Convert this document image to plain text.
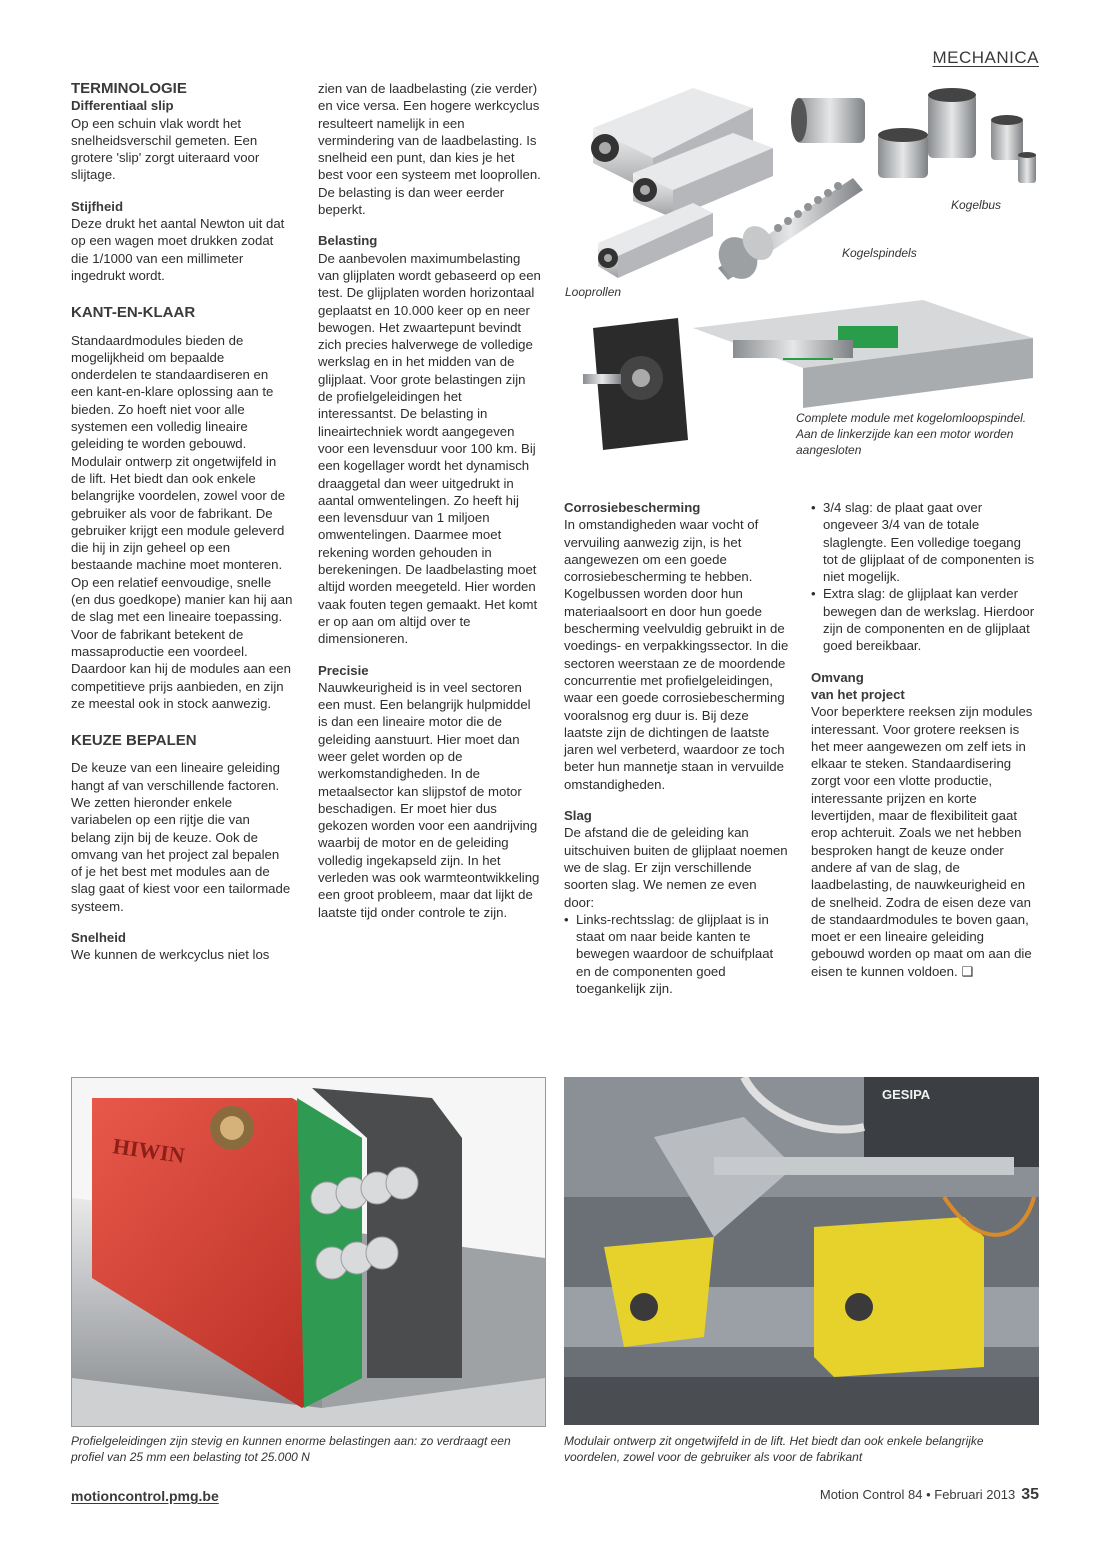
MECHANICA

TERMINOLOGIE

Differentiaal slip

Op een schuin vlak wordt het snelheidsverschil gemeten. Een grotere 'slip' zorgt uiteraard voor slijtage.

Stijfheid

Deze drukt het aantal Newton uit dat op een wagen moet drukken zodat die 1/1000 van een millimeter ingedrukt wordt.

KANT-EN-KLAAR

Standaardmodules bieden de mogelijkheid om bepaalde onderdelen te standaardiseren en een kant-en-klare oplossing aan te bieden. Zo hoeft niet voor alle systemen een volledig lineaire geleiding te worden gebouwd. Modulair ontwerp zit ongetwijfeld in de lift. Het biedt dan ook enkele belangrijke voordelen, zowel voor de gebruiker als voor de fabrikant. De gebruiker krijgt een module geleverd die hij in zijn geheel op een bestaande machine moet monteren. Op een relatief eenvoudige, snelle (en dus goedkope) manier kan hij aan de slag met een lineaire toepassing. Voor de fabrikant betekent de massaproductie een voordeel. Daardoor kan hij de modules aan een competitieve prijs aanbieden, en zijn ze meestal ook in stock aanwezig.

KEUZE BEPALEN

De keuze van een lineaire geleiding hangt af van verschillende factoren. We zetten hieronder enkele variabelen op een rijtje die van belang zijn bij de keuze. Ook de omvang van het project zal bepalen of je het best met modules aan de slag gaat of kiest voor een tailormade systeem.

Snelheid

We kunnen de werkcyclus niet los

zien van de laadbelasting (zie verder) en vice versa. Een hogere werkcyclus resulteert namelijk in een vermindering van de laadbelasting. Is snelheid een punt, dan kies je het best voor een systeem met looprollen. De belasting is dan weer eerder beperkt.

Belasting

De aanbevolen maximumbelasting van glijplaten wordt gebaseerd op een test. De glijplaten worden horizontaal geplaatst en 10.000 keer op en neer bewogen. Het zwaartepunt bevindt zich precies halverwege de volledige werkslag en in het midden van de glijplaat. Voor grote belastingen zijn de profielgeleidingen het interessantst. De belasting in lineairtechniek wordt aangegeven voor een levensduur voor 100 km. Bij een kogellager wordt het dynamisch draaggetal dan weer uitgedrukt in aantal omwentelingen. Zo heeft hij een levensduur van 1 miljoen omwentelingen. Daarmee moet rekening worden gehouden in berekeningen. De laadbelasting moet altijd worden meegeteld. Hier worden vaak fouten tegen gemaakt. Het komt er op aan om altijd over te dimensioneren.

Precisie

Nauwkeurigheid is in veel sectoren een must. Een belangrijk hulpmiddel is dan een lineaire motor die de geleiding aanstuurt. Hier moet dan weer gelet worden op de werkomstandigheden. In de metaalsector kan slijpstof de motor beschadigen. Er moet hier dus gekozen worden voor een aandrijving waarbij de motor en de geleiding volledig ingekapseld zijn. In het verleden was ook warmteontwikkeling een groot probleem, maar dat lijkt de laatste tijd onder controle te zijn.

Looprollen
Kogelspindels
Kogelbus
Complete module met kogelomloopspindel. Aan de linkerzijde kan een motor worden aangesloten

Corrosiebescherming

In omstandigheden waar vocht of vervuiling aanwezig zijn, is het aangewezen om een goede corrosiebescherming te hebben. Kogelbussen worden door hun materiaalsoort en door hun goede bescherming veelvuldig gebruikt in de voedings- en verpakkingssector. In die sectoren weerstaan ze de moordende concurrentie met profielgeleidingen, waar een goede corrosiebescherming vooralsnog erg duur is. Bij deze laatste zijn de dichtingen de laatste jaren wel verbeterd, waardoor ze toch beter hun mannetje staan in vervuilde omstandigheden.

Slag

De afstand die de geleiding kan uitschuiven buiten de glijplaat noemen we de slag. Er zijn verschillende soorten slag. We nemen ze even door:

• Links-rechtsslag: de glijplaat is in staat om naar beide kanten te bewegen waardoor de schuifplaat en de componenten goed toegankelijk zijn.
• 3/4 slag: de plaat gaat over ongeveer 3/4 van de totale slaglengte. Een volledige toegang tot de glijplaat of de componenten is niet mogelijk.
• Extra slag: de glijplaat kan verder bewegen dan de werkslag. Hierdoor zijn de componenten en de glijplaat goed bereikbaar.

Omvang

van het project

Voor beperktere reeksen zijn modules interessant. Voor grotere reeksen is het meer aangewezen om zelf iets in elkaar te steken. Standaardisering zorgt voor een vlotte productie, interessante prijzen en korte levertijden, maar de flexibiliteit gaat erop achteruit. Zoals we net hebben besproken hangt de keuze onder andere af van de slag, de laadbelasting, de nauwkeurigheid en de snelheid. Zodra de eisen deze van de standaardmodules te boven gaan, moet er een lineaire geleiding gebouwd worden op maat om aan die eisen te kunnen voldoen. ❑

HIWIN
Profielgeleidingen zijn stevig en kunnen enorme belastingen aan: zo verdraagt een profiel van 25 mm een belasting tot 25.000 N
GESIPA
Modulair ontwerp zit ongetwijfeld in de lift. Het biedt dan ook enkele belangrijke voordelen, zowel voor de gebruiker als voor de fabrikant
motioncontrol.pmg.be	Motion Control 84 • Februari 2013 35
